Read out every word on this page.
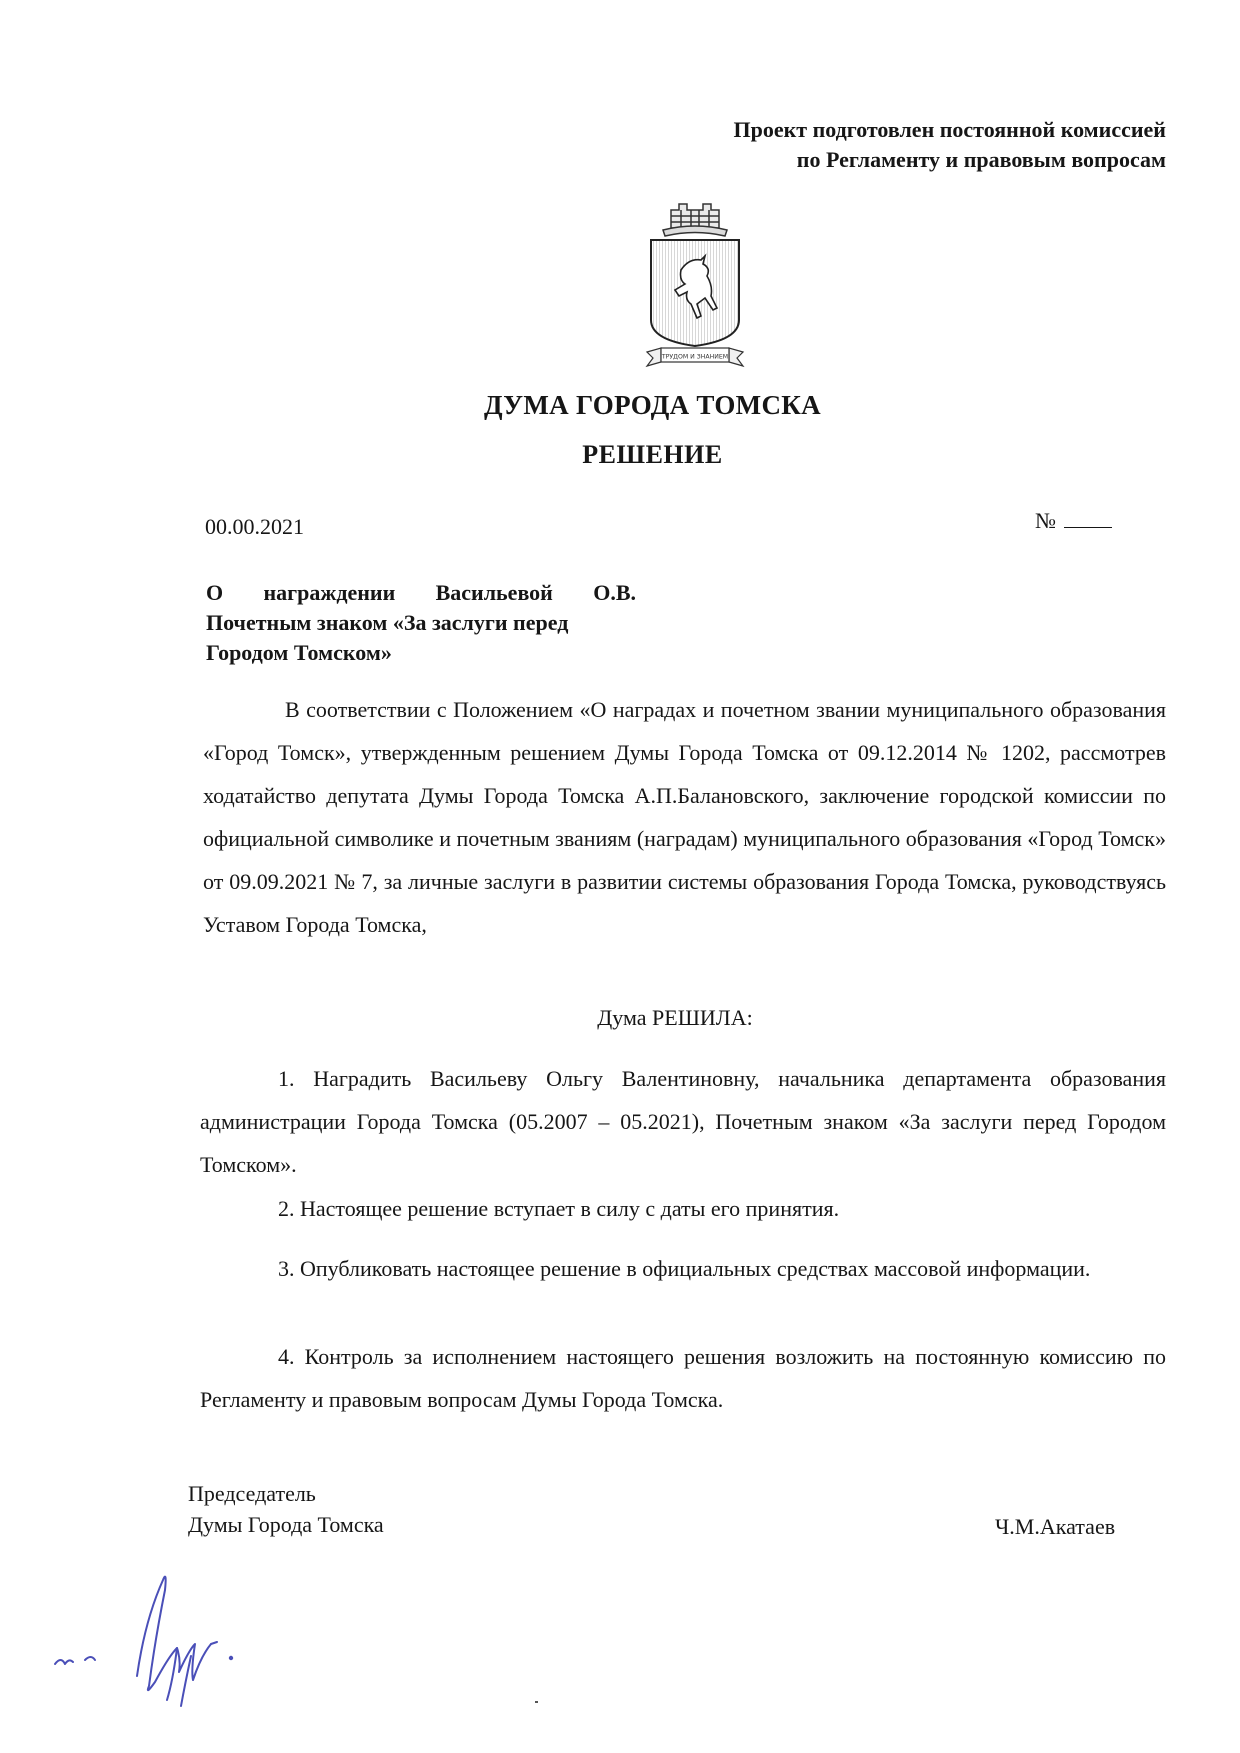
Проект подготовлен постоянной комиссией
по Регламенту и правовым вопросам
ТРУДОМ И ЗНАНИЕМ
ДУМА ГОРОДА ТОМСКА
РЕШЕНИЕ
00.00.2021	№
О награждении Васильевой О.В.
Почетным знаком «За заслуги перед
Городом Томском»
В соответствии с Положением «О наградах и почетном звании муниципального образования «Город Томск», утвержденным решением Думы Города Томска от 09.12.2014 № 1202, рассмотрев ходатайство депутата Думы Города Томска А.П.Балановского, заключение городской комиссии по официальной символике и почетным званиям (наградам) муниципального образования «Город Томск» от 09.09.2021 № 7, за личные заслуги в развитии системы образования Города Томска, руководствуясь Уставом Города Томска,
Дума РЕШИЛА:
1. Наградить Васильеву Ольгу Валентиновну, начальника департамента образования администрации Города Томска (05.2007 – 05.2021), Почетным знаком «За заслуги перед Городом Томском».
2. Настоящее решение вступает в силу с даты его принятия.
3. Опубликовать настоящее решение в официальных средствах массовой информации.
4. Контроль за исполнением настоящего решения возложить на постоянную комиссию по Регламенту и правовым вопросам Думы Города Томска.
Председатель
Думы Города Томска	Ч.М.Акатаев
